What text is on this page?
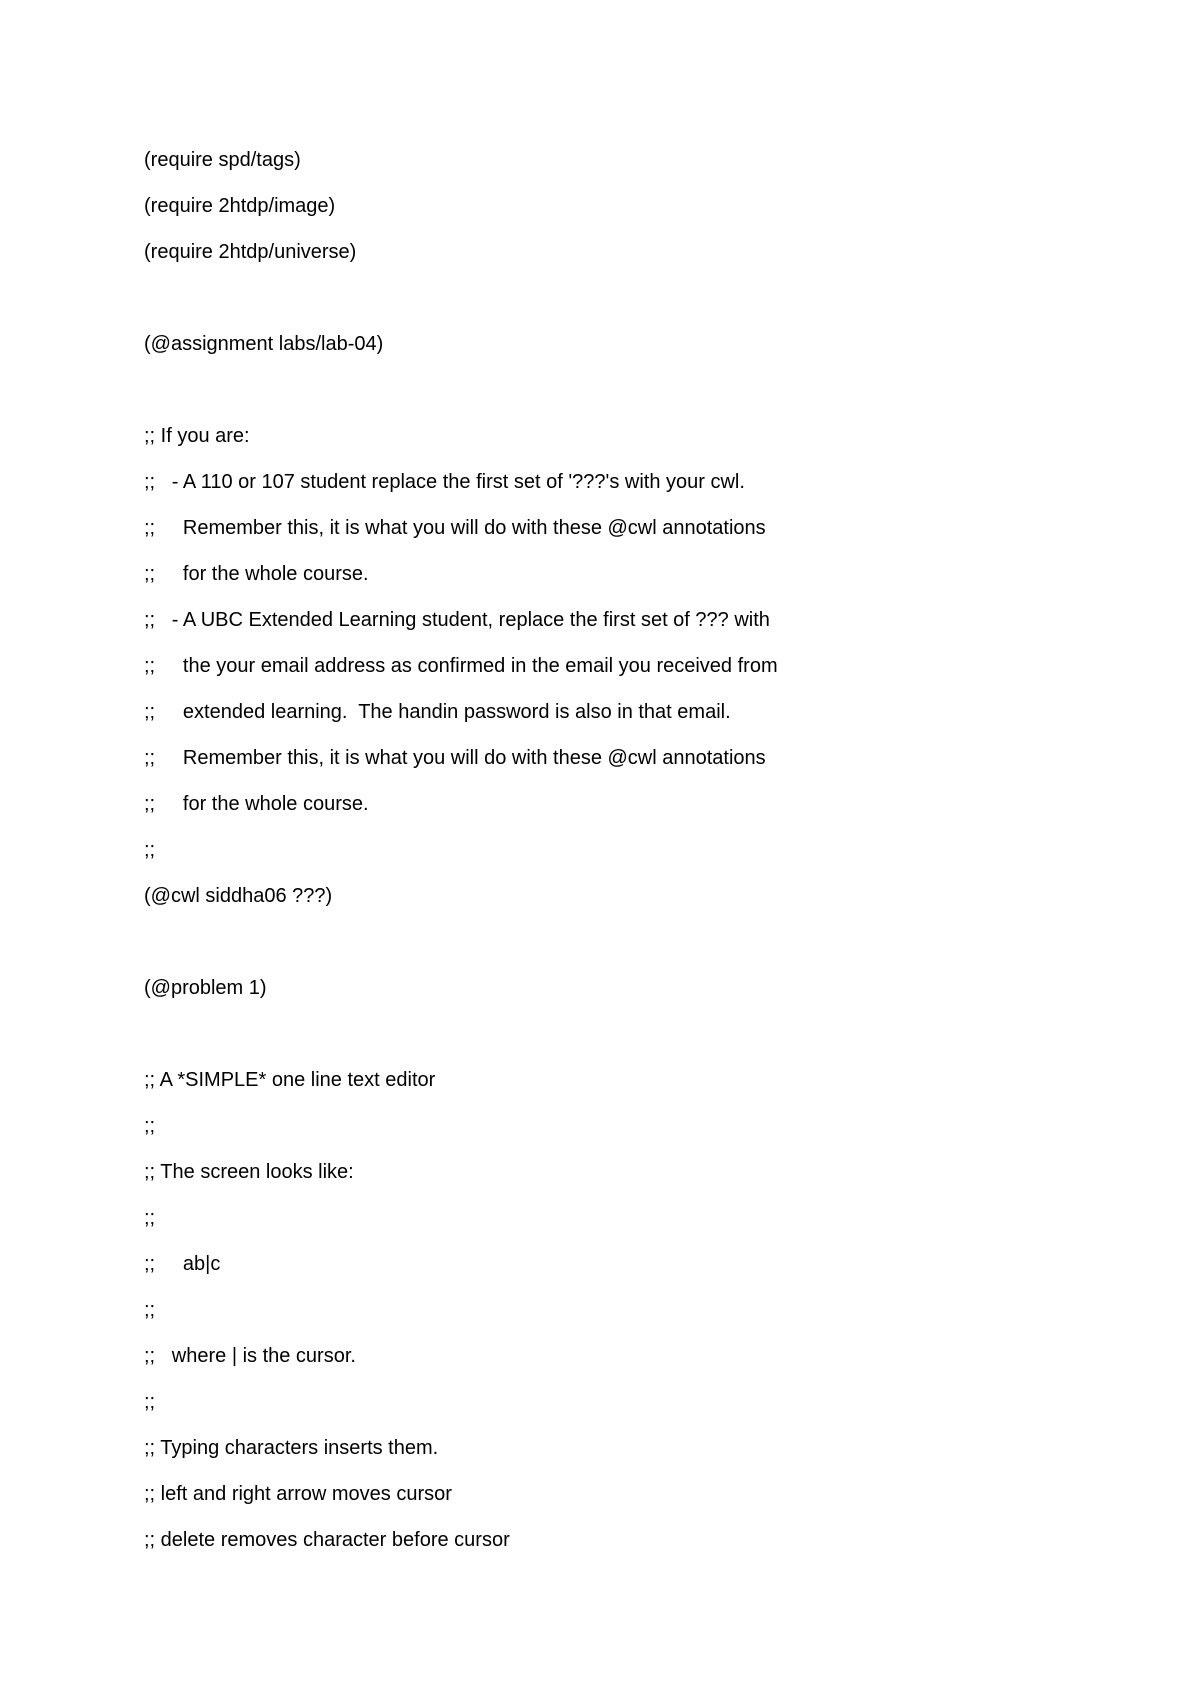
(require spd/tags)

(require 2htdp/image)

(require 2htdp/universe)

(@assignment labs/lab-04)

;; If you are:

;;   - A 110 or 107 student replace the first set of '???'s with your cwl.

;;     Remember this, it is what you will do with these @cwl annotations

;;     for the whole course.

;;   - A UBC Extended Learning student, replace the first set of ??? with

;;     the your email address as confirmed in the email you received from

;;     extended learning.  The handin password is also in that email.

;;     Remember this, it is what you will do with these @cwl annotations

;;     for the whole course.

;;

(@cwl siddha06 ???)

(@problem 1)

;; A *SIMPLE* one line text editor

;;

;; The screen looks like:

;;

;;     ab|c

;;

;;   where | is the cursor.

;;

;; Typing characters inserts them.

;; left and right arrow moves cursor

;; delete removes character before cursor
